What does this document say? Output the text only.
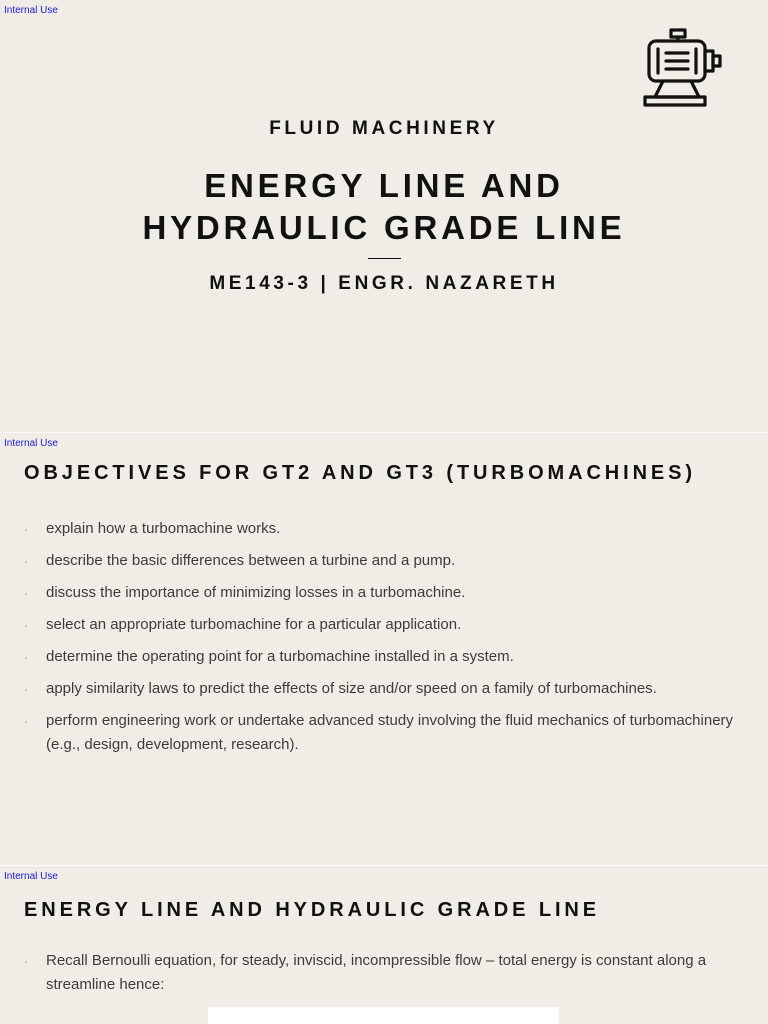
Internal Use
FLUID MACHINERY
ENERGY LINE AND
HYDRAULIC GRADE LINE
ME143-3 | ENGR. NAZARETH
Internal Use
OBJECTIVES FOR GT2 AND GT3 (TURBOMACHINES)
· explain how a turbomachine works.
· describe the basic differences between a turbine and a pump.
· discuss the importance of minimizing losses in a turbomachine.
· select an appropriate turbomachine for a particular application.
· determine the operating point for a turbomachine installed in a system.
· apply similarity laws to predict the effects of size and/or speed on a family of turbomachines.
· perform engineering work or undertake advanced study involving the fluid mechanics of turbomachinery (e.g., design, development, research).
Internal Use
ENERGY LINE AND HYDRAULIC GRADE LINE
· Recall Bernoulli equation, for steady, inviscid, incompressible flow – total energy is constant along a streamline hence:
